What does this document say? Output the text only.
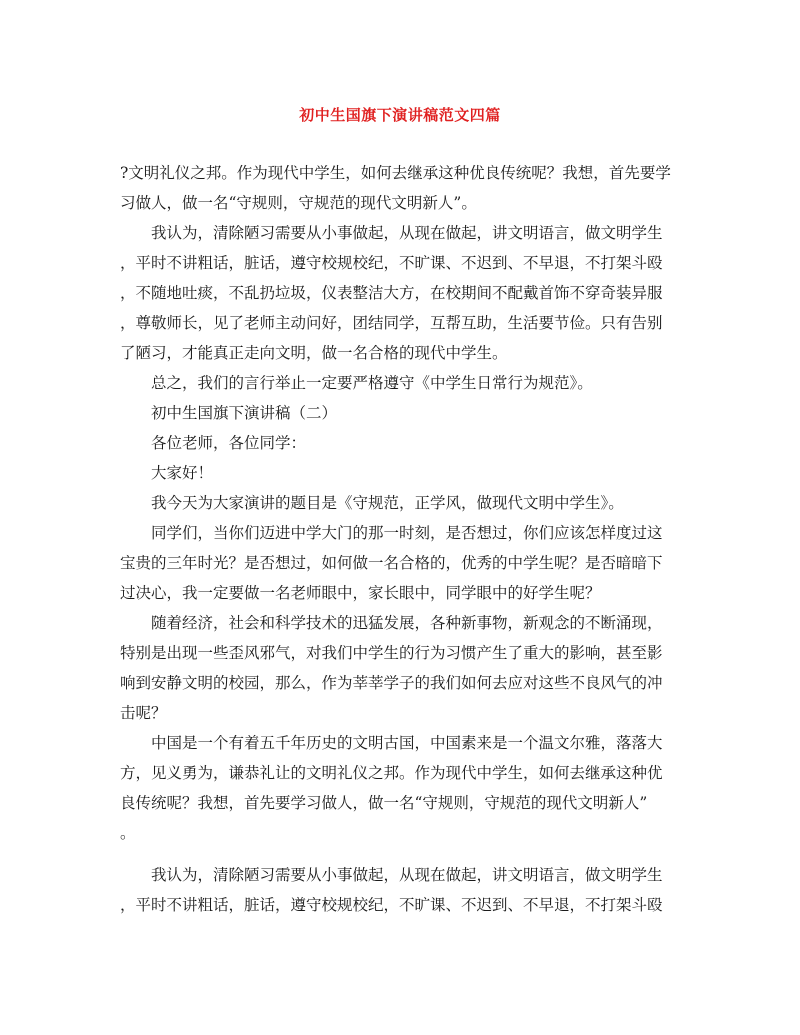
初中生国旗下演讲稿范文四篇

?文明礼仪之邦。作为现代中学生，如何去继承这种优良传统呢？我想，首先要学

习做人，做一名“守规则，守规范的现代文明新人”。

我认为，清除陋习需要从小事做起，从现在做起，讲文明语言，做文明学生

，平时不讲粗话，脏话，遵守校规校纪，不旷课、不迟到、不早退，不打架斗殴

，不随地吐痰，不乱扔垃圾，仪表整洁大方，在校期间不配戴首饰不穿奇装异服

，尊敬师长，见了老师主动问好，团结同学，互帮互助，生活要节俭。只有告别

了陋习，才能真正走向文明，做一名合格的现代中学生。

总之，我们的言行举止一定要严格遵守《中学生日常行为规范》。

初中生国旗下演讲稿（二）

各位老师，各位同学：

大家好！

我今天为大家演讲的题目是《守规范，正学风，做现代文明中学生》。

同学们，当你们迈进中学大门的那一时刻，是否想过，你们应该怎样度过这

宝贵的三年时光？是否想过，如何做一名合格的，优秀的中学生呢？是否暗暗下

过决心，我一定要做一名老师眼中，家长眼中，同学眼中的好学生呢？

随着经济，社会和科学技术的迅猛发展，各种新事物，新观念的不断涌现，

特别是出现一些歪风邪气，对我们中学生的行为习惯产生了重大的影响，甚至影

响到安静文明的校园，那么，作为莘莘学子的我们如何去应对这些不良风气的冲

击呢？

中国是一个有着五千年历史的文明古国，中国素来是一个温文尔雅，落落大

方，见义勇为，谦恭礼让的文明礼仪之邦。作为现代中学生，如何去继承这种优

良传统呢？我想，首先要学习做人，做一名“守规则，守规范的现代文明新人”

。

我认为，清除陋习需要从小事做起，从现在做起，讲文明语言，做文明学生

，平时不讲粗话，脏话，遵守校规校纪，不旷课、不迟到、不早退，不打架斗殴
